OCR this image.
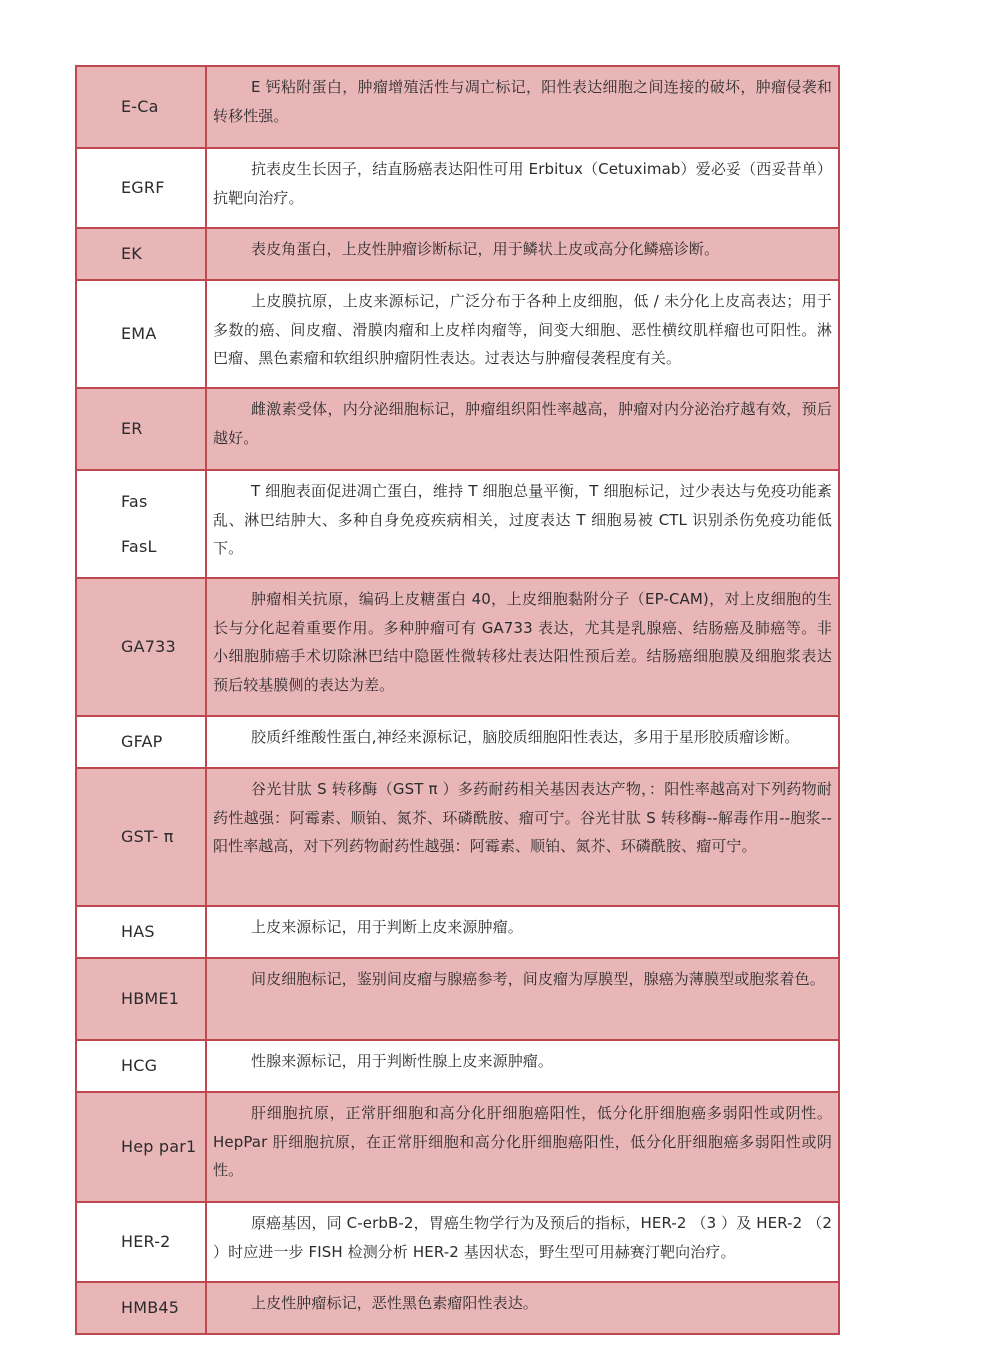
E-Ca	E 钙粘附蛋白，肿瘤增殖活性与凋亡标记，阳性表达细胞之间连接的破坏，肿瘤侵袭和转移性强。

EGRF	抗表皮生长因子，结直肠癌表达阳性可用 Erbitux（Cetuximab）爱必妥（西妥昔单）抗靶向治疗。

EK	表皮角蛋白，上皮性肿瘤诊断标记，用于鳞状上皮或高分化鳞癌诊断。

EMA	上皮膜抗原，上皮来源标记，广泛分布于各种上皮细胞，低 / 未分化上皮高表达；用于多数的癌、间皮瘤、滑膜肉瘤和上皮样肉瘤等，间变大细胞、恶性横纹肌样瘤也可阳性。淋巴瘤、黑色素瘤和软组织肿瘤阴性表达。过表达与肿瘤侵袭程度有关。

ER	雌激素受体，内分泌细胞标记，肿瘤组织阳性率越高，肿瘤对内分泌治疗越有效，预后越好。

Fas
FasL	T 细胞表面促进凋亡蛋白，维持 T 细胞总量平衡，T 细胞标记，过少表达与免疫功能紊乱、淋巴结肿大、多种自身免疫疾病相关，过度表达 T 细胞易被 CTL 识别杀伤免疫功能低下。

GA733	肿瘤相关抗原，编码上皮糖蛋白 40，上皮细胞黏附分子（EP-CAM)，对上皮细胞的生长与分化起着重要作用。多种肿瘤可有 GA733 表达，尤其是乳腺癌、结肠癌及肺癌等。非小细胞肺癌手术切除淋巴结中隐匿性微转移灶表达阳性预后差。结肠癌细胞膜及细胞浆表达预后较基膜侧的表达为差。

GFAP	胶质纤维酸性蛋白,神经来源标记，脑胶质细胞阳性表达，多用于星形胶质瘤诊断。

GST- π	谷光甘肽 S 转移酶（GST π ）多药耐药相关基因表达产物，：阳性率越高对下列药物耐药性越强：阿霉素、顺铂、氮芥、环磷酰胺、瘤可宁。谷光甘肽 S 转移酶--解毒作用--胞浆--阳性率越高，对下列药物耐药性越强：阿霉素、顺铂、氮芥、环磷酰胺、瘤可宁。

HAS	上皮来源标记，用于判断上皮来源肿瘤。

HBME1	间皮细胞标记，鉴别间皮瘤与腺癌参考，间皮瘤为厚膜型，腺癌为薄膜型或胞浆着色。

HCG	性腺来源标记，用于判断性腺上皮来源肿瘤。

Hep par1	肝细胞抗原，正常肝细胞和高分化肝细胞癌阳性，低分化肝细胞癌多弱阳性或阴性。HepPar 肝细胞抗原，在正常肝细胞和高分化肝细胞癌阳性，低分化肝细胞癌多弱阳性或阴性。

HER-2	原癌基因，同 C-erbB-2，胃癌生物学行为及预后的指标，HER-2 （3 ）及 HER-2 （2 ）时应进一步 FISH 检测分析 HER-2 基因状态，野生型可用赫赛汀靶向治疗。

HMB45	上皮性肿瘤标记，恶性黑色素瘤阳性表达。
